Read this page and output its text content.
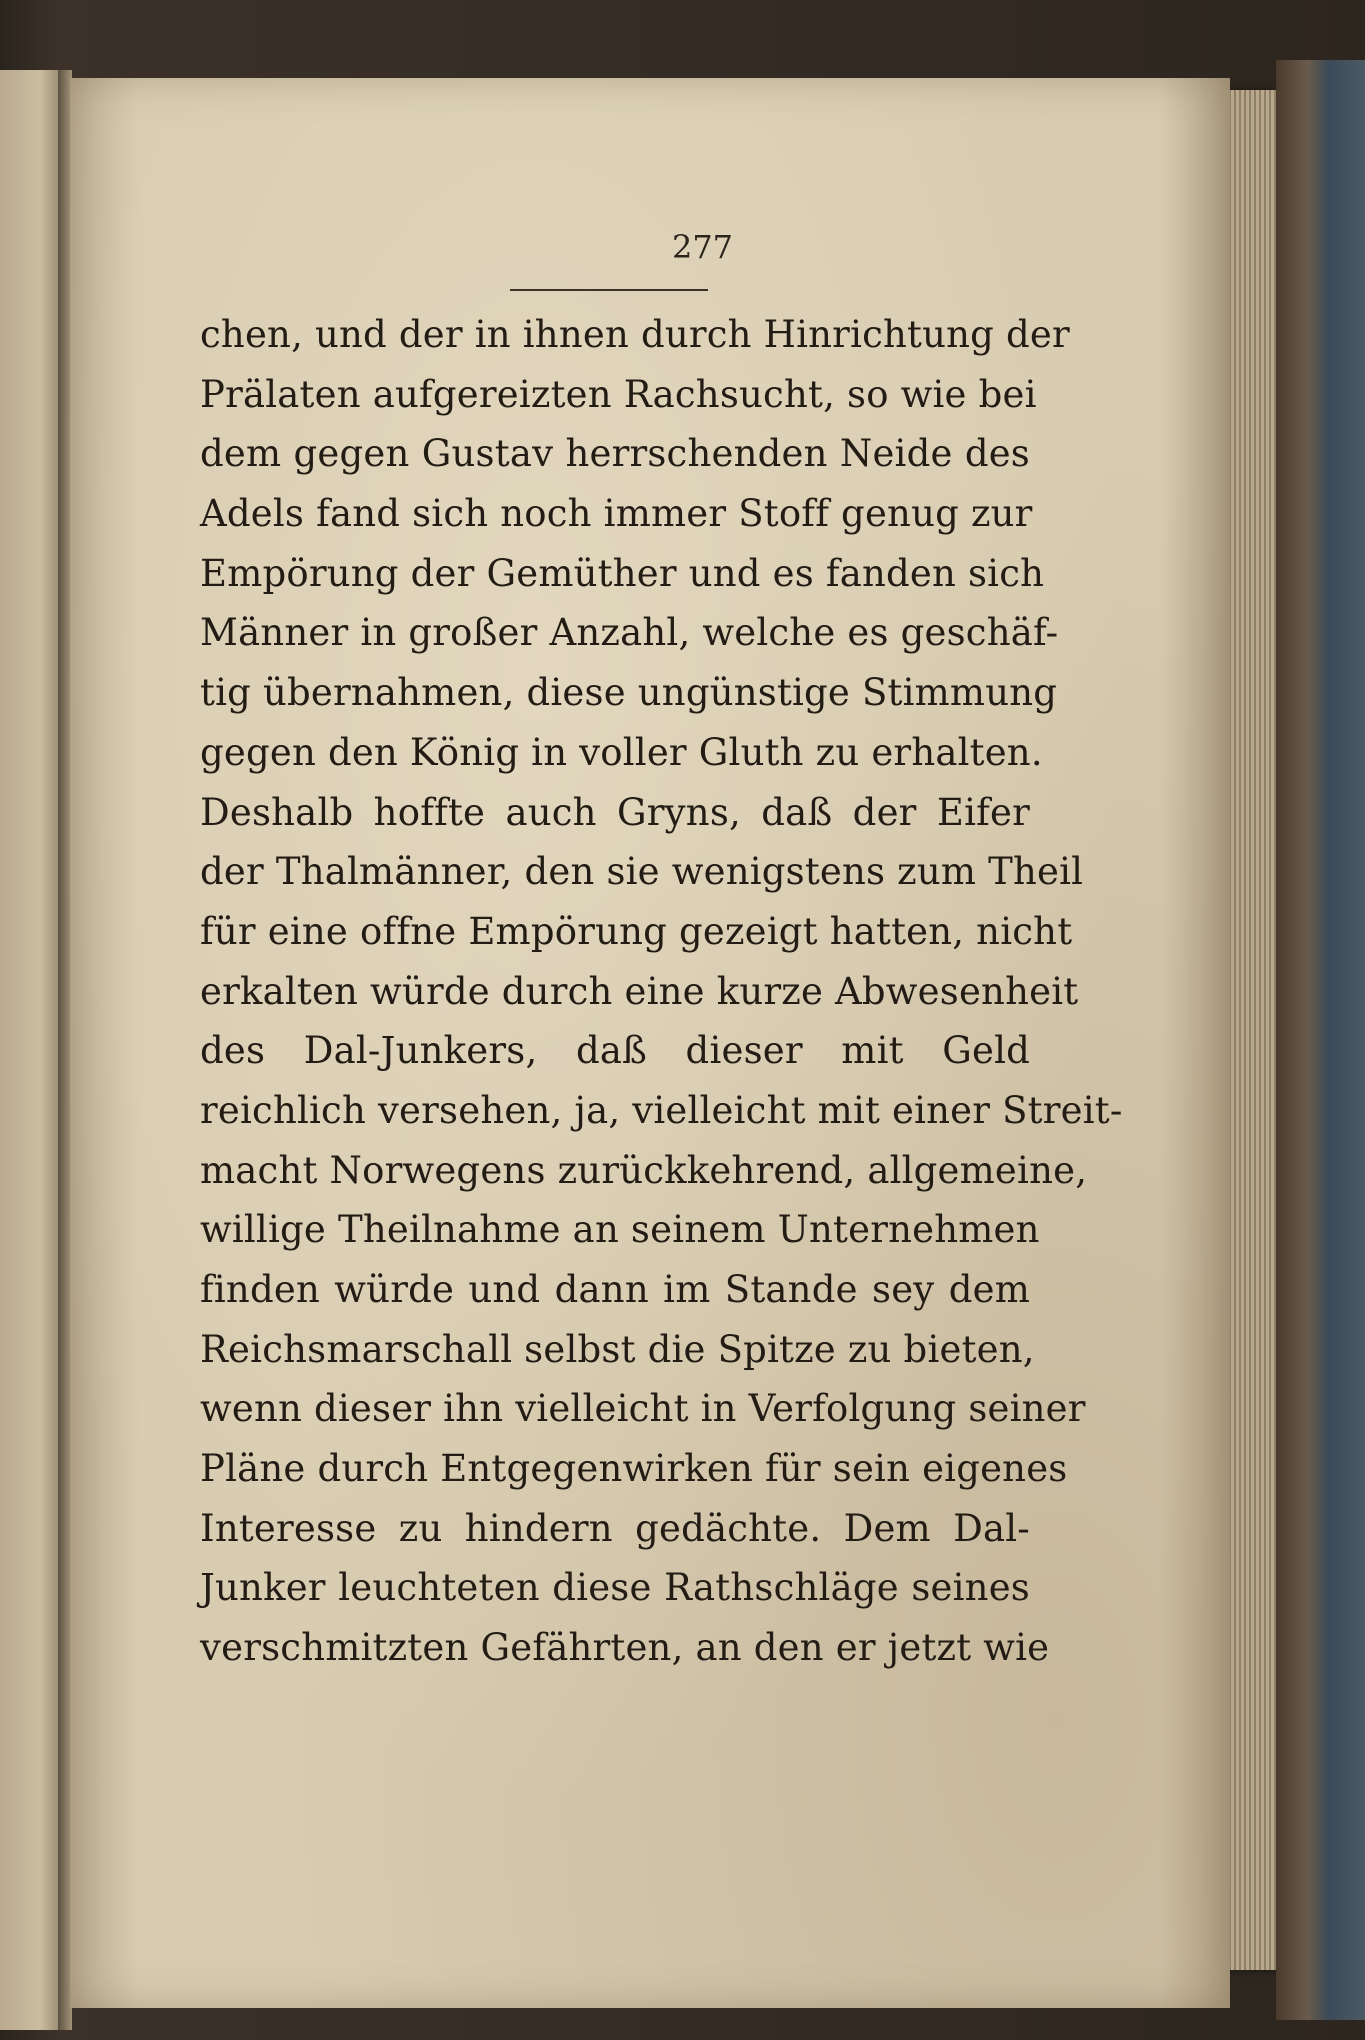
277
chen, und der in ihnen durch Hinrichtung der
Prälaten aufgereizten Rachsucht, so wie bei
dem gegen Gustav herrschenden Neide des
Adels fand sich noch immer Stoff genug zur
Empörung der Gemüther und es fanden sich
Männer in großer Anzahl, welche es geschäf-
tig übernahmen, diese ungünstige Stimmung
gegen den König in voller Gluth zu erhalten.
Deshalb hoffte auch Gryns, daß der Eifer
der Thalmänner, den sie wenigstens zum Theil
für eine offne Empörung gezeigt hatten, nicht
erkalten würde durch eine kurze Abwesenheit
des Dal-Junkers, daß dieser mit Geld
reichlich versehen, ja, vielleicht mit einer Streit-
macht Norwegens zurückkehrend, allgemeine,
willige Theilnahme an seinem Unternehmen
finden würde und dann im Stande sey dem
Reichsmarschall selbst die Spitze zu bieten,
wenn dieser ihn vielleicht in Verfolgung seiner
Pläne durch Entgegenwirken für sein eigenes
Interesse zu hindern gedächte. Dem Dal-
Junker leuchteten diese Rathschläge seines
verschmitzten Gefährten, an den er jetzt wie
